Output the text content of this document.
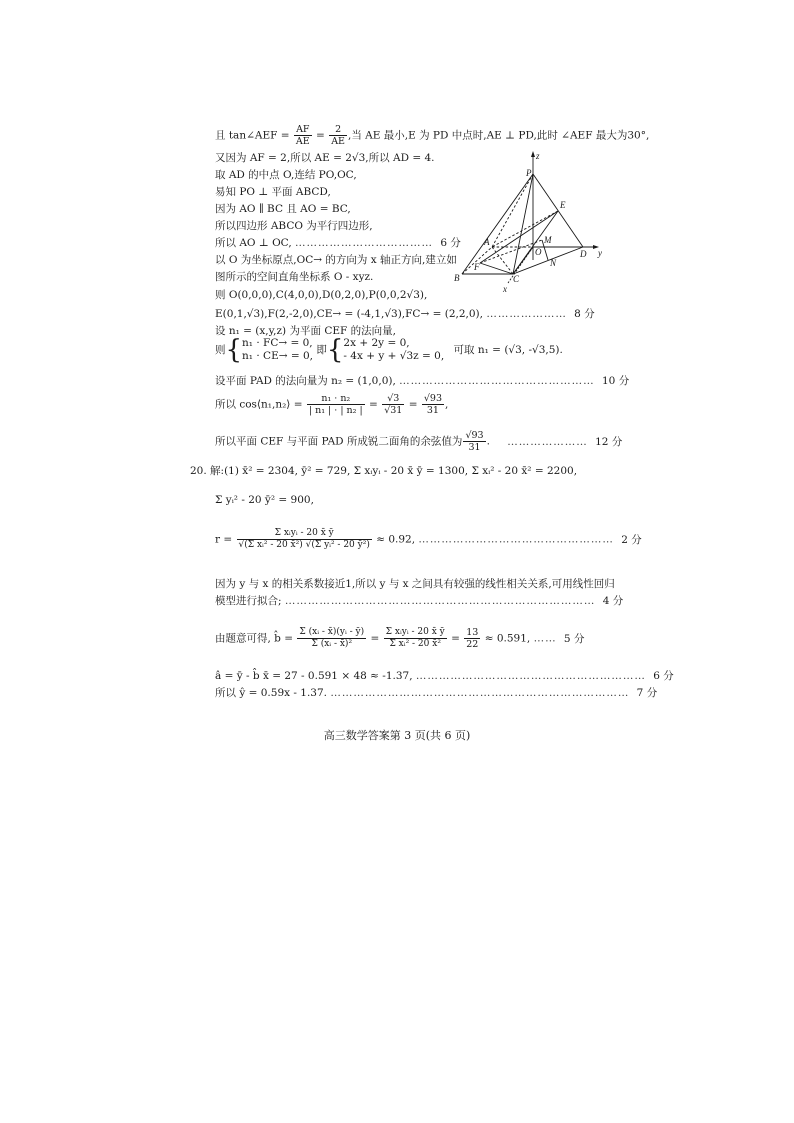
且 tan∠AEF = $\frac{AF}{AE} = \frac{2}{AE}$ ,当 AE 最小,E 为 PD 中点时,AE ⊥ PD,此时 ∠AEF 最大为30°,
又因为 AF = 2,所以 AE = 2√3,所以 AD = 4.
取 AD 的中点 O,连结 PO,OC,
易知 PO ⊥ 平面 ABCD,
因为 AO ∥ BC 且 AO = BC,
所以四边形 ABCO 为平行四边形,
所以 AO ⊥ OC, ……………………………… 6 分
以 O 为坐标原点,OC→ 的方向为 x 轴正方向,建立如
图所示的空间直角坐标系 O - xyz.
则 O(0,0,0),C(4,0,0),D(0,2,0),P(0,0,2√3),
E(0,1,√3),F(2,-2,0),CE→ = (-4,1,√3),FC→ = (2,2,0), ………………… 8 分
设 n₁ = (x,y,z) 为平面 CEF 的法向量,
则{ n₁ · FC→ = 0,
n₁ · CE→ = 0, 即{ 2x + 2y = 0,
- 4x + y + √3z = 0, 可取 n₁ = (√3, -√3,5).
设平面 PAD 的法向量为 n₂ = (1,0,0), …………………………………………… 10 分
所以 cos⟨n₁,n₂⟩ = $\frac{\text{n₁ · n₂}}{\text{| n₁ | · | n₂ |}} = \frac{√3}{√31} = \frac{√93}{31}$ ,
所以平面 CEF 与平面 PAD 所成锐二面角的余弦值为 $\frac{√93}{31}$ . ………………… 12 分
20. 解:(1) x̄² = 2304, ȳ² = 729, Σ xᵢyᵢ - 20 x̄ ȳ = 1300, Σ xᵢ² - 20 x̄² = 2200,
Σ yᵢ² - 20 ȳ² = 900,
$r = \frac{\text{Σ xᵢyᵢ - 20 x̄ ȳ}}{\text{√(Σ xᵢ² - 20 x̄²) √(Σ yᵢ² - 20 ȳ²)}} \approx 0.92$, …………………………………………… 2 分
因为 y 与 x 的相关系数接近1,所以 y 与 x 之间具有较强的线性相关关系,可用线性回归
模型进行拟合; ……………………………………………………………………… 4 分
由题意可得, b̂ = $\frac{\text{Σ (xᵢ - x̄)(yᵢ - ȳ)}}{\text{Σ (xᵢ - x̄)²}} = \frac{\text{Σ xᵢyᵢ - 20 x̄ ȳ}}{\text{Σ xᵢ² - 20 x̄²}} = \frac{13}{22} \approx 0.591$, …… 5 分
â = ȳ - b̂ x̄ = 27 - 0.591 × 48 ≈ -1.37, …………………………………………………… 6 分
所以 ŷ = 0.59x - 1.37. …………………………………………………………………… 7 分
z
P
E
M
O	D y
A
F	N
B	C
x
高三数学答案第 3 页(共 6 页)
